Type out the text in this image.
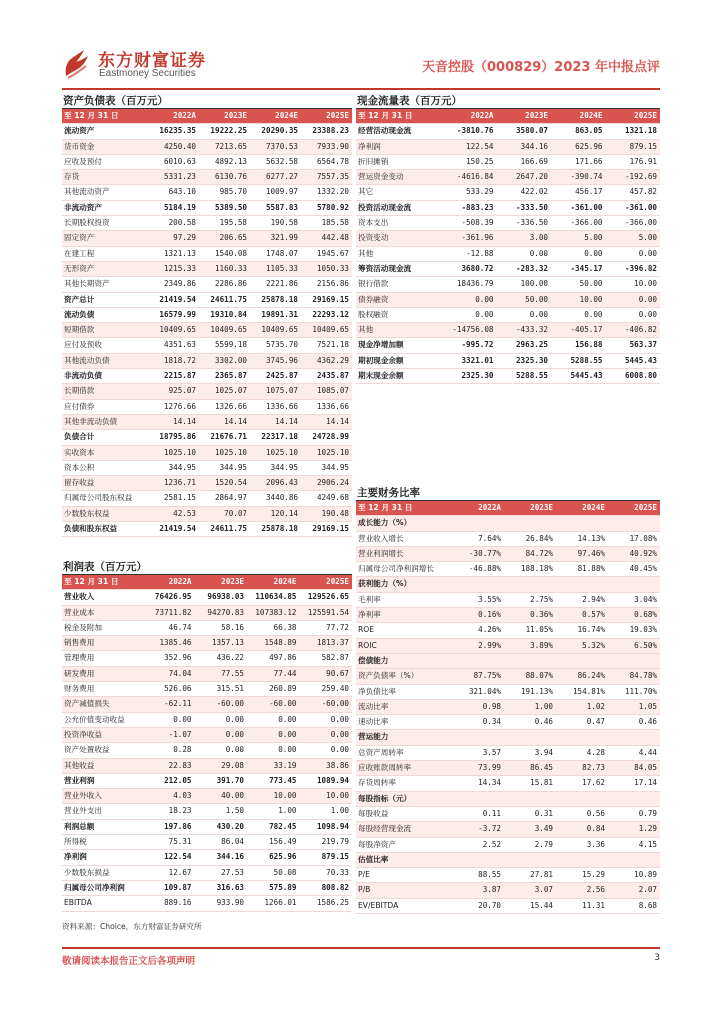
东方财富证券
Eastmoney Securities	天音控股（000829）2023 年中报点评
资产负债表（百万元）
至 12 月 31 日	2022A	2023E	2024E	2025E
流动资产	16235.35	19222.25	20290.35	23388.23
货币资金	4250.40	7213.65	7370.53	7933.90
应收及预付	6010.63	4892.13	5632.58	6564.78
存货	5331.23	6130.76	6277.27	7557.35
其他流动资产	643.10	985.70	1009.97	1332.20
非流动资产	5184.19	5389.50	5587.83	5780.92
长期股权投资	200.58	195.58	190.58	185.58
固定资产	97.29	206.65	321.99	442.48
在建工程	1321.13	1540.08	1748.07	1945.67
无形资产	1215.33	1160.33	1105.33	1050.33
其他长期资产	2349.86	2286.86	2221.86	2156.86
资产总计	21419.54	24611.75	25878.18	29169.15
流动负债	16579.99	19310.84	19891.31	22293.12
短期借款	10409.65	10409.65	10409.65	10409.65
应付及预收	4351.63	5599.18	5735.70	7521.18
其他流动负债	1818.72	3302.00	3745.96	4362.29
非流动负债	2215.87	2365.87	2425.87	2435.87
长期借款	925.07	1025.07	1075.07	1085.07
应付债券	1276.66	1326.66	1336.66	1336.66
其他非流动负债	14.14	14.14	14.14	14.14
负债合计	18795.86	21676.71	22317.18	24728.99
实收资本	1025.10	1025.10	1025.10	1025.10
资本公积	344.95	344.95	344.95	344.95
留存收益	1236.71	1520.54	2096.43	2906.24
归属母公司股东权益	2581.15	2864.97	3440.86	4249.68
少数股东权益	42.53	70.07	120.14	190.48
负债和股东权益	21419.54	24611.75	25878.18	29169.15
利润表（百万元）
至 12 月 31 日	2022A	2023E	2024E	2025E
营业收入	76426.95	96938.03	110634.85	129526.65
营业成本	73711.82	94270.83	107383.12	125591.54
税金及附加	46.74	58.16	66.38	77.72
销售费用	1385.46	1357.13	1548.89	1813.37
管理费用	352.96	436.22	497.86	582.87
研发费用	74.04	77.55	77.44	90.67
财务费用	526.06	315.51	260.89	259.40
资产减值损失	-62.11	-60.00	-60.00	-60.00
公允价值变动收益	0.00	0.00	0.00	0.00
投资净收益	-1.07	0.00	0.00	0.00
资产处置收益	0.28	0.00	0.00	0.00
其他收益	22.83	29.08	33.19	38.86
营业利润	212.05	391.70	773.45	1089.94
营业外收入	4.03	40.00	10.00	10.00
营业外支出	18.23	1.50	1.00	1.00
利润总额	197.86	430.20	782.45	1098.94
所得税	75.31	86.04	156.49	219.79
净利润	122.54	344.16	625.96	879.15
少数股东损益	12.67	27.53	50.08	70.33
归属母公司净利润	109.87	316.63	575.89	808.82
EBITDA	889.16	933.90	1266.01	1586.25
现金流量表（百万元）
至 12 月 31 日	2022A	2023E	2024E	2025E
经营活动现金流	-3810.76	3580.07	863.05	1321.18
净利润	122.54	344.16	625.96	879.15
折旧摊销	150.25	166.69	171.66	176.91
营运资金变动	-4616.84	2647.20	-390.74	-192.69
其它	533.29	422.02	456.17	457.82
投资活动现金流	-883.23	-333.50	-361.00	-361.00
资本支出	-508.39	-336.50	-366.00	-366.00
投资变动	-361.96	3.00	5.00	5.00
其他	-12.88	0.00	0.00	0.00
筹资活动现金流	3680.72	-283.32	-345.17	-396.82
银行借款	18436.79	100.00	50.00	10.00
债券融资	0.00	50.00	10.00	0.00
股权融资	0.00	0.00	0.00	0.00
其他	-14756.08	-433.32	-405.17	-406.82
现金净增加额	-995.72	2963.25	156.88	563.37
期初现金余额	3321.01	2325.30	5288.55	5445.43
期末现金余额	2325.30	5288.55	5445.43	6008.80
主要财务比率
至 12 月 31 日	2022A	2023E	2024E	2025E
成长能力（%）				
营业收入增长	7.64%	26.84%	14.13%	17.08%
营业利润增长	-30.77%	84.72%	97.46%	40.92%
归属母公司净利润增长	-46.88%	188.18%	81.88%	40.45%
获利能力（%）				
毛利率	3.55%	2.75%	2.94%	3.04%
净利率	0.16%	0.36%	0.57%	0.68%
ROE	4.26%	11.05%	16.74%	19.03%
ROIC	2.99%	3.89%	5.32%	6.50%
偿债能力				
资产负债率（%）	87.75%	88.07%	86.24%	84.78%
净负债比率	321.04%	191.13%	154.81%	111.70%
流动比率	0.98	1.00	1.02	1.05
速动比率	0.34	0.46	0.47	0.46
营运能力				
总资产周转率	3.57	3.94	4.28	4.44
应收账款周转率	73.99	86.45	82.73	84.05
存货周转率	14.34	15.81	17.62	17.14
每股指标（元）				
每股收益	0.11	0.31	0.56	0.79
每股经营现金流	-3.72	3.49	0.84	1.29
每股净资产	2.52	2.79	3.36	4.15
估值比率				
P/E	88.55	27.81	15.29	10.89
P/B	3.87	3.07	2.56	2.07
EV/EBITDA	20.70	15.44	11.31	8.68
资料来源：Choice，东方财富证券研究所
敬请阅读本报告正文后各项声明	3
